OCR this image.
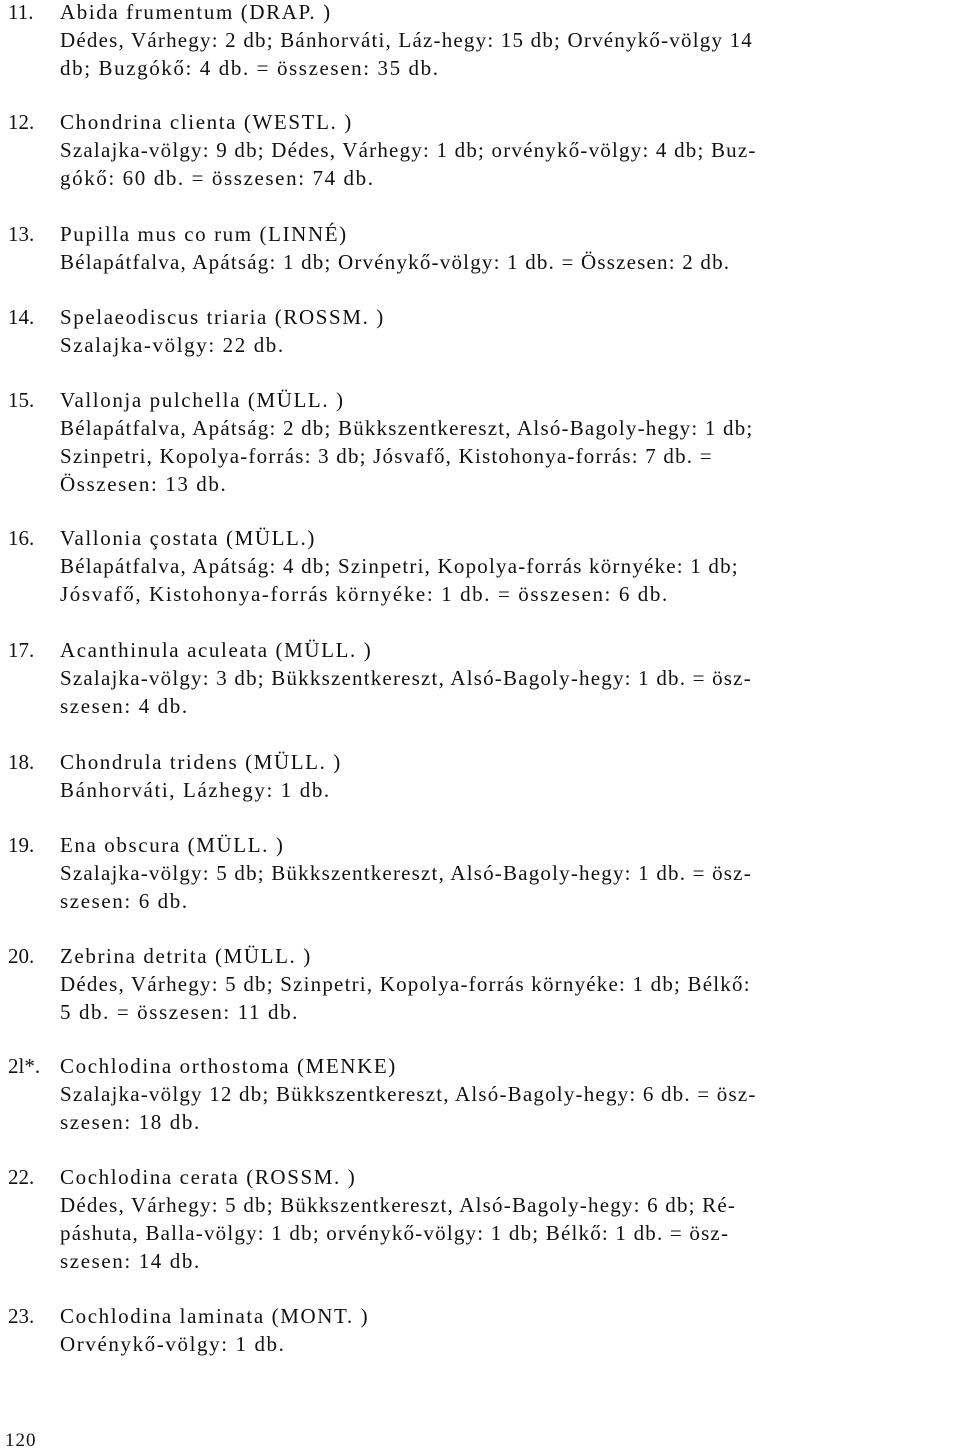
11. Abida frumentum (DRAP. )
Dédes, Várhegy: 2 db; Bánhorváti, Láz-hegy: 15 db; Orvénykő-völgy 14
db; Buzgókő: 4 db. = összesen: 35 db.
12. Chondrina clienta (WESTL. )
Szalajka-völgy: 9 db; Dédes, Várhegy: 1 db; orvénykő-völgy: 4 db; Buz-
gókő: 60 db. = összesen: 74 db.
13. Pupilla mus co rum (LINNÉ)
Bélapátfalva, Apátság: 1 db; Orvénykő-völgy: 1 db. = Összesen: 2 db.
14. Spelaeodiscus triaria (ROSSM. )
Szalajka-völgy: 22 db.
15. Vallonja pulchella (MÜLL. )
Bélapátfalva, Apátság: 2 db; Bükkszentkereszt, Alsó-Bagoly-hegy: 1 db;
Szinpetri, Kopolya-forrás: 3 db; Jósvafő, Kistohonya-forrás: 7 db. =
Összesen: 13 db.
16. Vallonia çostata (MÜLL.)
Bélapátfalva, Apátság: 4 db; Szinpetri, Kopolya-forrás környéke: 1 db;
Jósvafő, Kistohonya-forrás környéke: 1 db. = összesen: 6 db.
17. Acanthinula aculeata (MÜLL. )
Szalajka-völgy: 3 db; Bükkszentkereszt, Alsó-Bagoly-hegy: 1 db. = ösz-
szesen: 4 db.
18. Chondrula tridens (MÜLL. )
Bánhorváti, Lázhegy: 1 db.
19. Ena obscura (MÜLL. )
Szalajka-völgy: 5 db; Bükkszentkereszt, Alsó-Bagoly-hegy: 1 db. = ösz-
szesen: 6 db.
20. Zebrina detrita (MÜLL. )
Dédes, Várhegy: 5 db; Szinpetri, Kopolya-forrás környéke: 1 db; Bélkő:
5 db. = összesen: 11 db.
2l*. Cochlodina orthostoma (MENKE)
Szalajka-völgy 12 db; Bükkszentkereszt, Alsó-Bagoly-hegy: 6 db. = ösz-
szesen: 18 db.
22. Cochlodina cerata (ROSSM. )
Dédes, Várhegy: 5 db; Bükkszentkereszt, Alsó-Bagoly-hegy: 6 db; Ré-
páshuta, Balla-völgy: 1 db; orvénykő-völgy: 1 db; Bélkő: 1 db. = ösz-
szesen: 14 db.
23. Cochlodina laminata (MONT. )
Orvénykő-völgy: 1 db.
120
